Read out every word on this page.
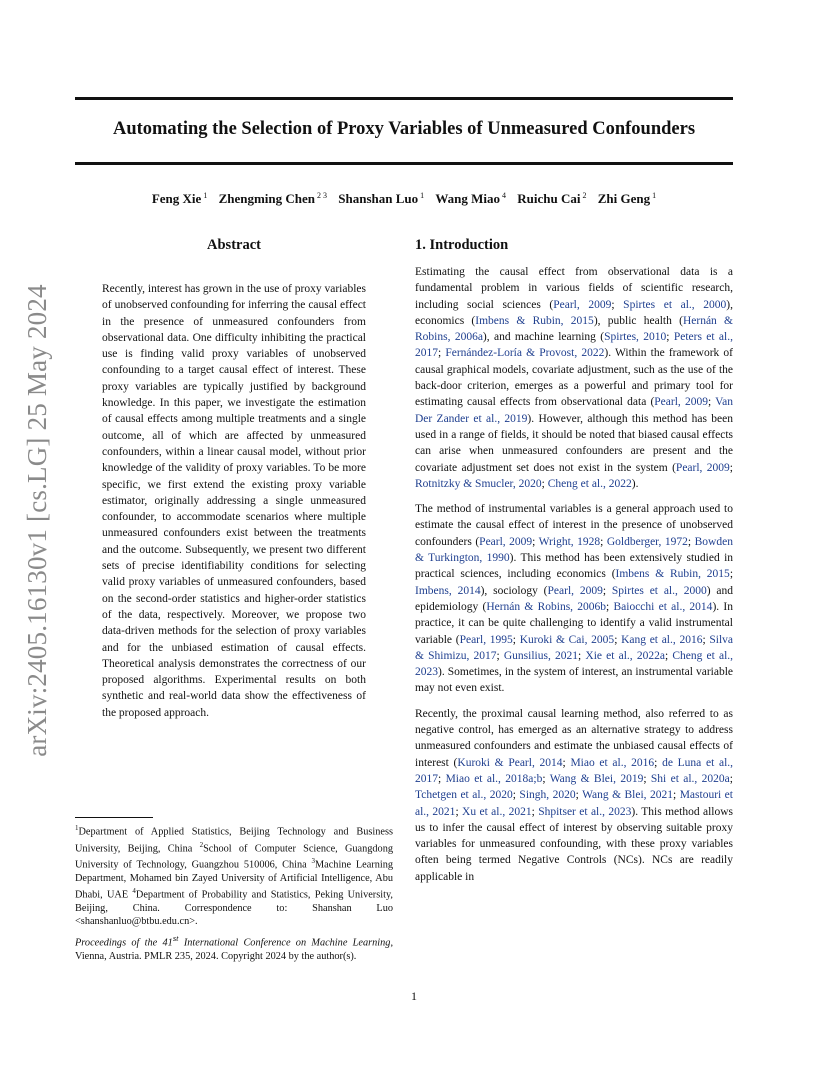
arXiv:2405.16130v1 [cs.LG] 25 May 2024
Automating the Selection of Proxy Variables of Unmeasured Confounders
Feng Xie $^1$ Zhengming Chen $^{2 3}$ Shanshan Luo $^1$ Wang Miao $^4$ Ruichu Cai $^2$ Zhi Geng $^1$
Abstract
Recently, interest has grown in the use of proxy variables of unobserved confounding for inferring the causal effect in the presence of unmeasured confounders from observational data. One difficulty inhibiting the practical use is finding valid proxy variables of unobserved confounding to a target causal effect of interest. These proxy variables are typically justified by background knowledge. In this paper, we investigate the estimation of causal effects among multiple treatments and a single outcome, all of which are affected by unmeasured confounders, within a linear causal model, without prior knowledge of the validity of proxy variables. To be more specific, we first extend the existing proxy variable estimator, originally addressing a single unmeasured confounder, to accommodate scenarios where multiple unmeasured confounders exist between the treatments and the outcome. Subsequently, we present two different sets of precise identifiability conditions for selecting valid proxy variables of unmeasured confounders, based on the second-order statistics and higher-order statistics of the data, respectively. Moreover, we propose two data-driven methods for the selection of proxy variables and for the unbiased estimation of causal effects. Theoretical analysis demonstrates the correctness of our proposed algorithms. Experimental results on both synthetic and real-world data show the effectiveness of the proposed approach.
$^1$Department of Applied Statistics, Beijing Technology and Business University, Beijing, China $^2$School of Computer Science, Guangdong University of Technology, Guangzhou 510006, China $^3$Machine Learning Department, Mohamed bin Zayed University of Artificial Intelligence, Abu Dhabi, UAE $^4$Department of Probability and Statistics, Peking University, Beijing, China. Correspondence to: Shanshan Luo <shanshanluo@btbu.edu.cn>.
Proceedings of the 41st International Conference on Machine Learning, Vienna, Austria. PMLR 235, 2024. Copyright 2024 by the author(s).
1. Introduction

Estimating the causal effect from observational data is a fundamental problem in various fields of scientific research, including social sciences (Pearl, 2009; Spirtes et al., 2000), economics (Imbens & Rubin, 2015), public health (Hernán & Robins, 2006a), and machine learning (Spirtes, 2010; Peters et al., 2017; Fernández-Loría & Provost, 2022). Within the framework of causal graphical models, covariate adjustment, such as the use of the back-door criterion, emerges as a powerful and primary tool for estimating causal effects from observational data (Pearl, 2009; Van Der Zander et al., 2019). However, although this method has been used in a range of fields, it should be noted that biased causal effects can arise when unmeasured confounders are present and the covariate adjustment set does not exist in the system (Pearl, 2009; Rotnitzky & Smucler, 2020; Cheng et al., 2022).

The method of instrumental variables is a general approach used to estimate the causal effect of interest in the presence of unobserved confounders (Pearl, 2009; Wright, 1928; Goldberger, 1972; Bowden & Turkington, 1990). This method has been extensively studied in practical sciences, including economics (Imbens & Rubin, 2015; Imbens, 2014), sociology (Pearl, 2009; Spirtes et al., 2000) and epidemiology (Hernán & Robins, 2006b; Baiocchi et al., 2014). In practice, it can be quite challenging to identify a valid instrumental variable (Pearl, 1995; Kuroki & Cai, 2005; Kang et al., 2016; Silva & Shimizu, 2017; Gunsilius, 2021; Xie et al., 2022a; Cheng et al., 2023). Sometimes, in the system of interest, an instrumental variable may not even exist.

Recently, the proximal causal learning method, also referred to as negative control, has emerged as an alternative strategy to address unmeasured confounders and estimate the unbiased causal effects of interest (Kuroki & Pearl, 2014; Miao et al., 2016; de Luna et al., 2017; Miao et al., 2018a;b; Wang & Blei, 2019; Shi et al., 2020a; Tchetgen et al., 2020; Singh, 2020; Wang & Blei, 2021; Mastouri et al., 2021; Xu et al., 2021; Shpitser et al., 2023). This method allows us to infer the causal effect of interest by observing suitable proxy variables for unmeasured confounding, with these proxy variables often being termed Negative Controls (NCs). NCs are readily applicable in

1
